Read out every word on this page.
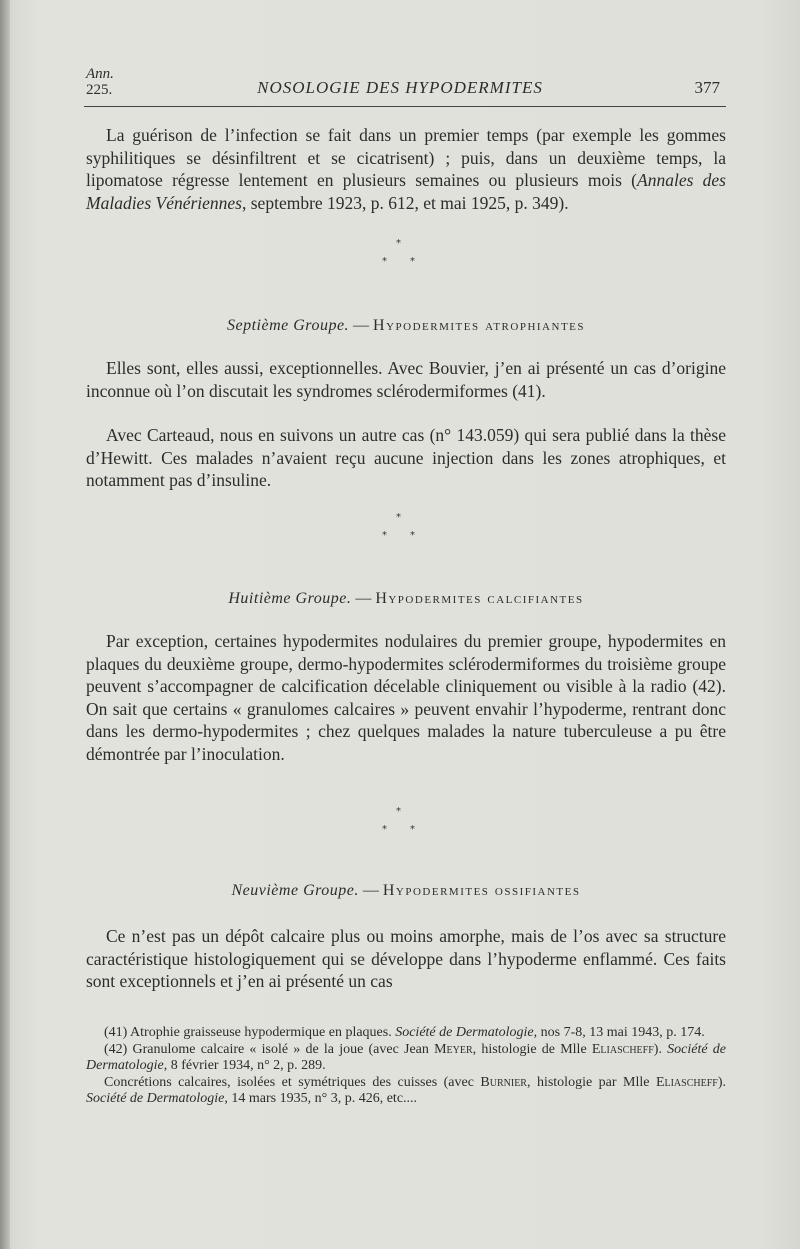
Ann.
225.	NOSOLOGIE DES HYPODERMITES	377

La guérison de l’infection se fait dans un premier temps (par exemple les gommes syphilitiques se désinfiltrent et se cicatrisent) ; puis, dans un deuxième temps, la lipomatose régresse lentement en plusieurs semaines ou plusieurs mois (Annales des Maladies Vénériennes, septembre 1923, p. 612, et mai 1925, p. 349).

*
* *
Septième Groupe. — Hypodermites atrophiantes

Elles sont, elles aussi, exceptionnelles. Avec Bouvier, j’en ai présenté un cas d’origine inconnue où l’on discutait les syndromes sclérodermiformes (41).

Avec Carteaud, nous en suivons un autre cas (n° 143.059) qui sera publié dans la thèse d’Hewitt. Ces malades n’avaient reçu aucune injection dans les zones atrophiques, et notamment pas d’insuline.

*
* *
Huitième Groupe. — Hypodermites calcifiantes

Par exception, certaines hypodermites nodulaires du premier groupe, hypodermites en plaques du deuxième groupe, dermo-hypodermites sclérodermiformes du troisième groupe peuvent s’accompagner de calcification décelable cliniquement ou visible à la radio (42). On sait que certains « granulomes calcaires » peuvent envahir l’hypoderme, rentrant donc dans les dermo-hypodermites ; chez quelques malades la nature tuberculeuse a pu être démontrée par l’inoculation.

*
* *
Neuvième Groupe. — Hypodermites ossifiantes

Ce n’est pas un dépôt calcaire plus ou moins amorphe, mais de l’os avec sa structure caractéristique histologiquement qui se développe dans l’hypoderme enflammé. Ces faits sont exceptionnels et j’en ai présenté un cas

(41) Atrophie graisseuse hypodermique en plaques. Société de Dermatologie, nos 7-8, 13 mai 1943, p. 174.

(42) Granulome calcaire « isolé » de la joue (avec Jean Meyer, histologie de Mlle Eliascheff). Société de Dermatologie, 8 février 1934, n° 2, p. 289.

Concrétions calcaires, isolées et symétriques des cuisses (avec Burnier, histologie par Mlle Eliascheff). Société de Dermatologie, 14 mars 1935, n° 3, p. 426, etc....
